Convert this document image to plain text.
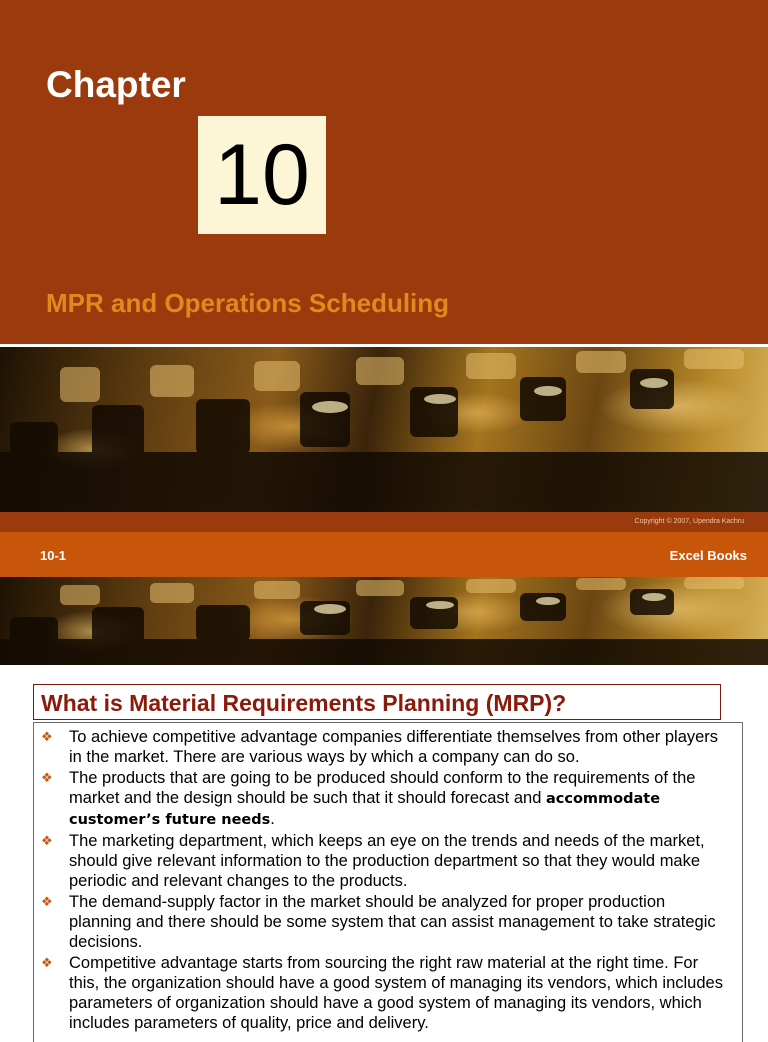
Chapter
10
MPR and Operations Scheduling
Copyright © 2007, Upendra Kachru
10-1	Excel Books
What is Material Requirements Planning (MRP)?
❖ To achieve competitive advantage companies differentiate themselves from other players in the market. There are various ways by which a company can do so.
❖ The products that are going to be produced should conform to the requirements of the market and the design should be such that it should forecast and accommodate customer’s future needs.
❖ The marketing department, which keeps an eye on the trends and needs of the market, should give relevant information to the production department so that they would make periodic and relevant changes to the products.
❖ The demand-supply factor in the market should be analyzed for proper production planning and there should be some system that can assist management to take strategic decisions.
❖ Competitive advantage starts from sourcing the right raw material at the right time. For this, the organization should have a good system of managing its vendors, which includes parameters of organization should have a good system of managing its vendors, which includes parameters of quality, price and delivery.
